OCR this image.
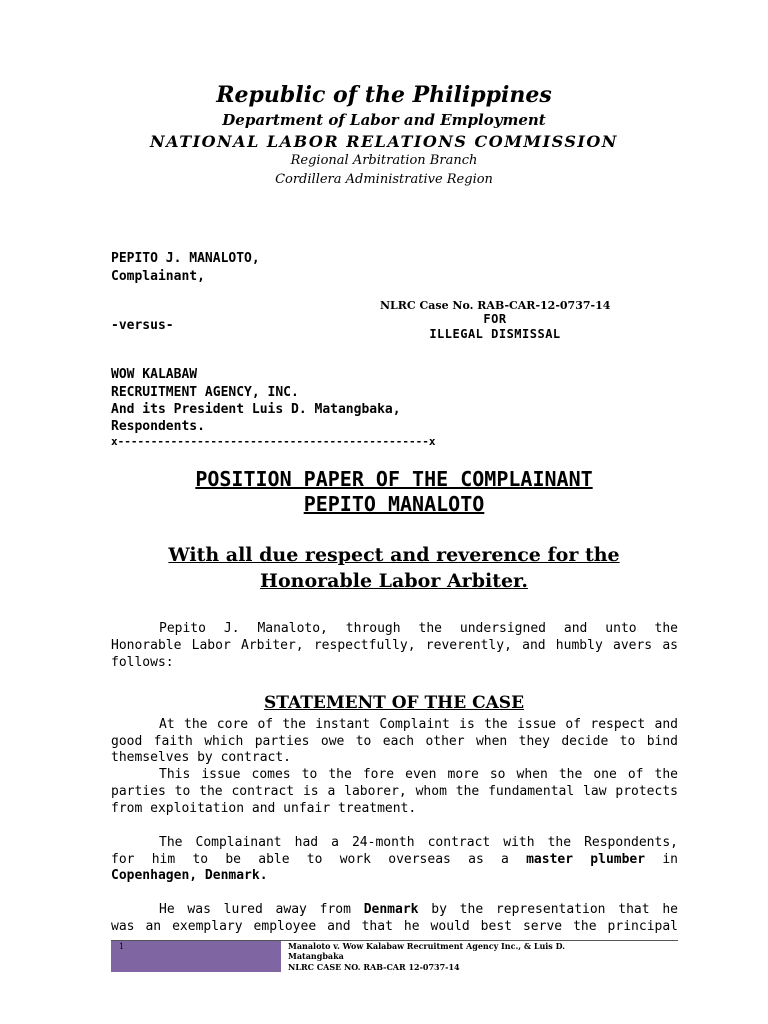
Republic of the Philippines
Department of Labor and Employment
NATIONAL LABOR RELATIONS COMMISSION
Regional Arbitration Branch
Cordillera Administrative Region
PEPITO J. MANALOTO,
Complainant,
NLRC Case No. RAB-CAR-12-0737-14
FOR
-versus-
ILLEGAL DISMISSAL
WOW KALABAW
RECRUITMENT AGENCY, INC.
And its President Luis D. Matangbaka,
Respondents.
x-----------------------------------------------x
POSITION PAPER OF THE COMPLAINANT
PEPITO MANALOTO
With all due respect and reverence for the
Honorable Labor Arbiter.
Pepito J. Manaloto, through the undersigned and unto the
Honorable Labor Arbiter, respectfully, reverently, and humbly avers as
follows:
STATEMENT OF THE CASE
At the core of the instant Complaint is the issue of respect and
good faith which parties owe to each other when they decide to bind
themselves by contract.
This issue comes to the fore even more so when the one of the
parties to the contract is a laborer, whom the fundamental law protects
from exploitation and unfair treatment.
The Complainant had a 24-month contract with the Respondents,
for him to be able to work overseas as a master plumber in
Copenhagen, Denmark.
He was lured away from Denmark by the representation that he
was an exemplary employee and that he would best serve the principal
1	Manaloto v. Wow Kalabaw Recruitment Agency Inc., & Luis D.
Matangbaka
NLRC CASE NO. RAB-CAR 12-0737-14
